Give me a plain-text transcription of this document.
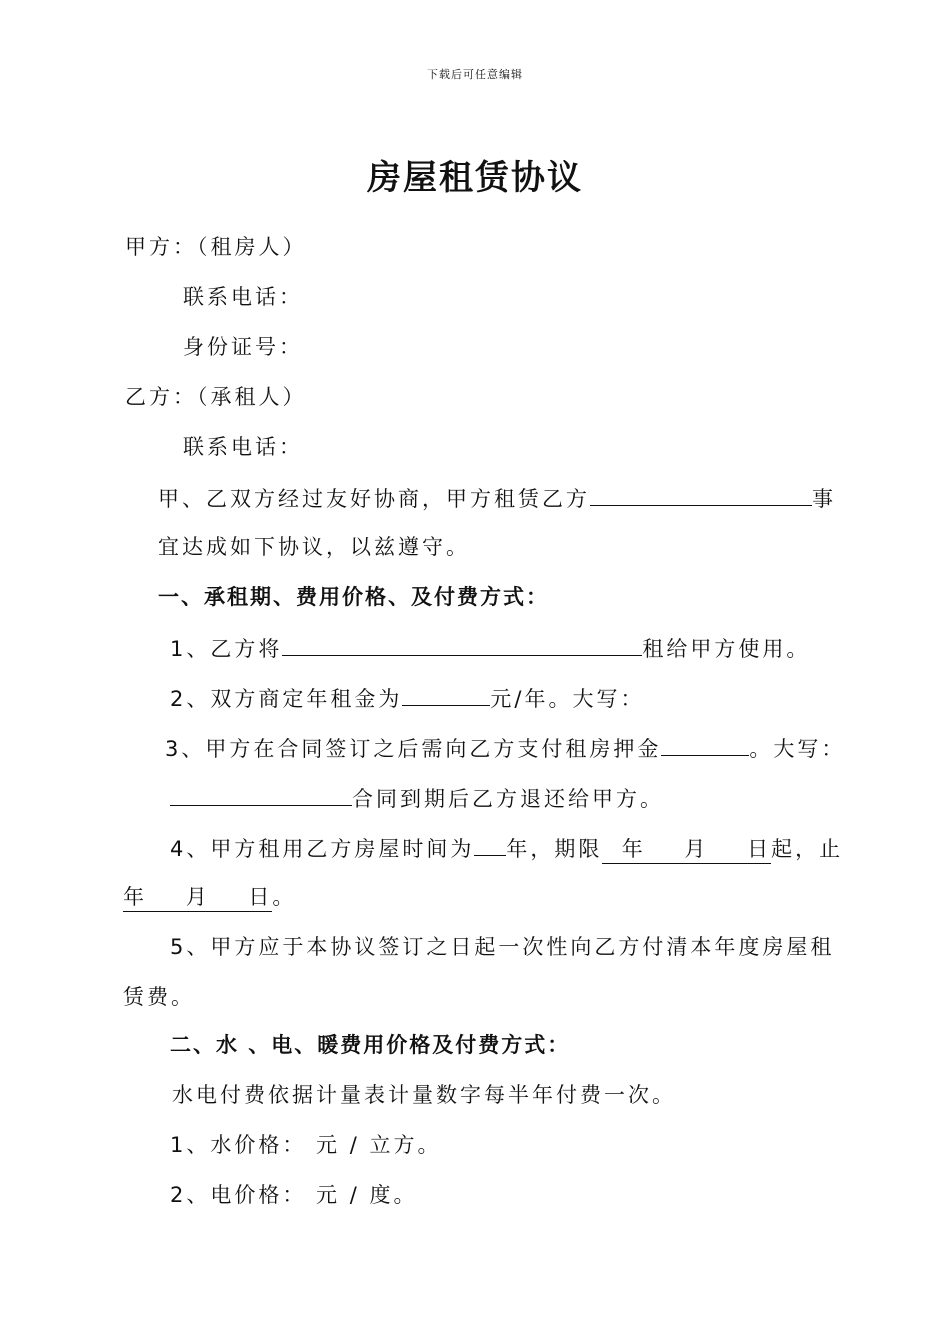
下载后可任意编辑
房屋租赁协议
甲方：（租房人）
联系电话：
身份证号：
乙方：（承租人）
联系电话：
甲、乙双方经过友好协商，甲方租赁乙方	事
宜达成如下协议，以兹遵守。
一、承租期、费用价格、及付费方式：
1、乙方将	租给甲方使用。
2、双方商定年租金为	元/年。大写：
3、甲方在合同签订之后需向乙方支付租房押金	。大写：
合同到期后乙方退还给甲方。
4、甲方租用乙方房屋时间为 年，期限  年    月    日起，止
年    月    日。
5、甲方应于本协议签订之日起一次性向乙方付清本年度房屋租
赁费。
二、水 、电、暖费用价格及付费方式：
水电付费依据计量表计量数字每半年付费一次。
1、水价格： 元 / 立方。
2、电价格： 元 / 度。
